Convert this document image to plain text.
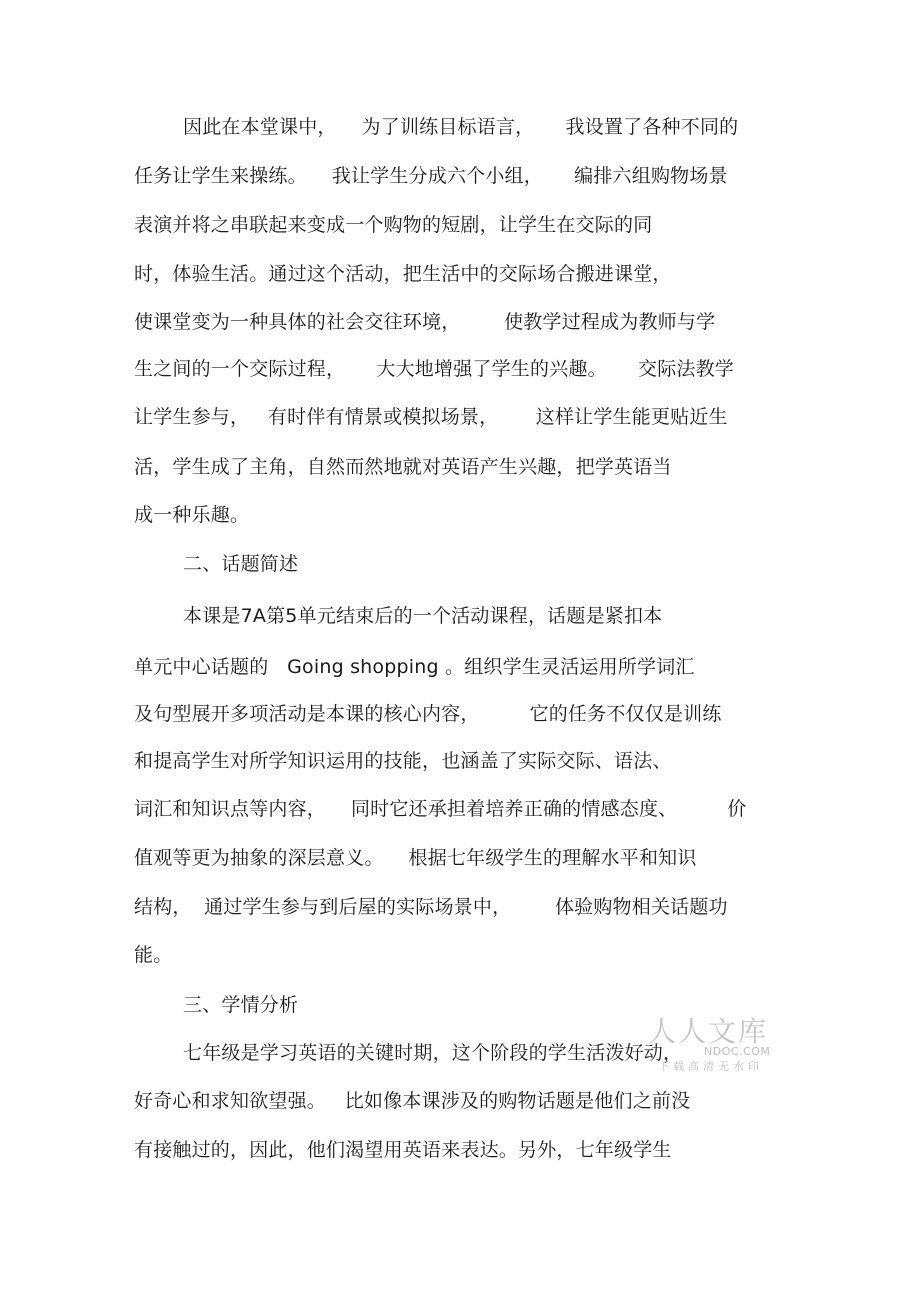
因此在本堂课中，    为了训练目标语言，     我设置了各种不同的
任务让学生来操练。    我让学生分成六个小组，     编排六组购物场景
表演并将之串联起来变成一个购物的短剧，让学生在交际的同
时，体验生活。通过这个活动，把生活中的交际场合搬进课堂，
使课堂变为一种具体的社会交往环境，       使教学过程成为教师与学
生之间的一个交际过程，     大大地增强了学生的兴趣。     交际法教学
让学生参与，   有时伴有情景或模拟场景，      这样让学生能更贴近生
活，学生成了主角，自然而然地就对英语产生兴趣，把学英语当
成一种乐趣。
二、话题简述
本课是7A第5单元结束后的一个活动课程，话题是紧扣本
单元中心话题的   Going shopping 。组织学生灵活运用所学词汇
及句型展开多项活动是本课的核心内容，        它的任务不仅仅是训练
和提高学生对所学知识运用的技能，也涵盖了实际交际、语法、
词汇和知识点等内容，    同时它还承担着培养正确的情感态度、        价
值观等更为抽象的深层意义。    根据七年级学生的理解水平和知识
结构，  通过学生参与到后屋的实际场景中，       体验购物相关话题功
能。
三、学情分析
七年级是学习英语的关键时期，这个阶段的学生活泼好动，
好奇心和求知欲望强。   比如像本课涉及的购物话题是他们之前没
有接触过的，因此，他们渴望用英语来表达。另外，七年级学生
人人文库
NDOC.COM
下载高清无水印
